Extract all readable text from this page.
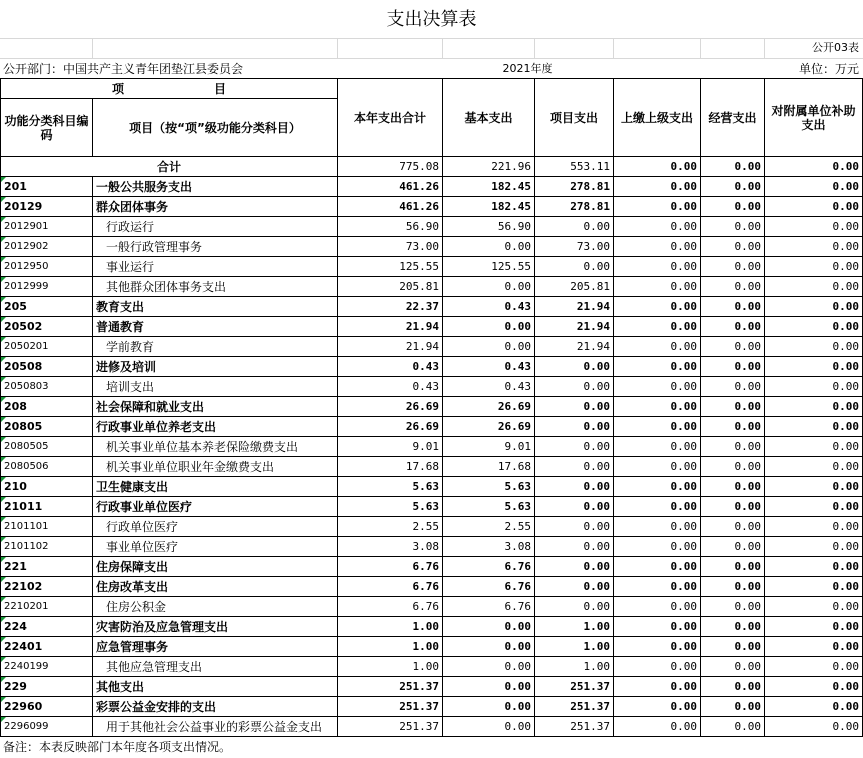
支出决算表
公开03表
公开部门：中国共产主义青年团垫江县委员会	2021年度	单位：万元
项　　目		本年支出合计	基本支出	项目支出	上缴上级支出	经营支出	对附属单位补助支出
功能分类科目编码	项目（按“项”级功能分类科目）						
合计		775.08	221.96	553.11	0.00	0.00	0.00
201	一般公共服务支出	461.26	182.45	278.81	0.00	0.00	0.00
20129	群众团体事务	461.26	182.45	278.81	0.00	0.00	0.00
2012901	行政运行	56.90	56.90	0.00	0.00	0.00	0.00
2012902	一般行政管理事务	73.00	0.00	73.00	0.00	0.00	0.00
2012950	事业运行	125.55	125.55	0.00	0.00	0.00	0.00
2012999	其他群众团体事务支出	205.81	0.00	205.81	0.00	0.00	0.00
205	教育支出	22.37	0.43	21.94	0.00	0.00	0.00
20502	普通教育	21.94	0.00	21.94	0.00	0.00	0.00
2050201	学前教育	21.94	0.00	21.94	0.00	0.00	0.00
20508	进修及培训	0.43	0.43	0.00	0.00	0.00	0.00
2050803	培训支出	0.43	0.43	0.00	0.00	0.00	0.00
208	社会保障和就业支出	26.69	26.69	0.00	0.00	0.00	0.00
20805	行政事业单位养老支出	26.69	26.69	0.00	0.00	0.00	0.00
2080505	机关事业单位基本养老保险缴费支出	9.01	9.01	0.00	0.00	0.00	0.00
2080506	机关事业单位职业年金缴费支出	17.68	17.68	0.00	0.00	0.00	0.00
210	卫生健康支出	5.63	5.63	0.00	0.00	0.00	0.00
21011	行政事业单位医疗	5.63	5.63	0.00	0.00	0.00	0.00
2101101	行政单位医疗	2.55	2.55	0.00	0.00	0.00	0.00
2101102	事业单位医疗	3.08	3.08	0.00	0.00	0.00	0.00
221	住房保障支出	6.76	6.76	0.00	0.00	0.00	0.00
22102	住房改革支出	6.76	6.76	0.00	0.00	0.00	0.00
2210201	住房公积金	6.76	6.76	0.00	0.00	0.00	0.00
224	灾害防治及应急管理支出	1.00	0.00	1.00	0.00	0.00	0.00
22401	应急管理事务	1.00	0.00	1.00	0.00	0.00	0.00
2240199	其他应急管理支出	1.00	0.00	1.00	0.00	0.00	0.00
229	其他支出	251.37	0.00	251.37	0.00	0.00	0.00
22960	彩票公益金安排的支出	251.37	0.00	251.37	0.00	0.00	0.00
2296099	用于其他社会公益事业的彩票公益金支出	251.37	0.00	251.37	0.00	0.00	0.00
备注：本表反映部门本年度各项支出情况。
